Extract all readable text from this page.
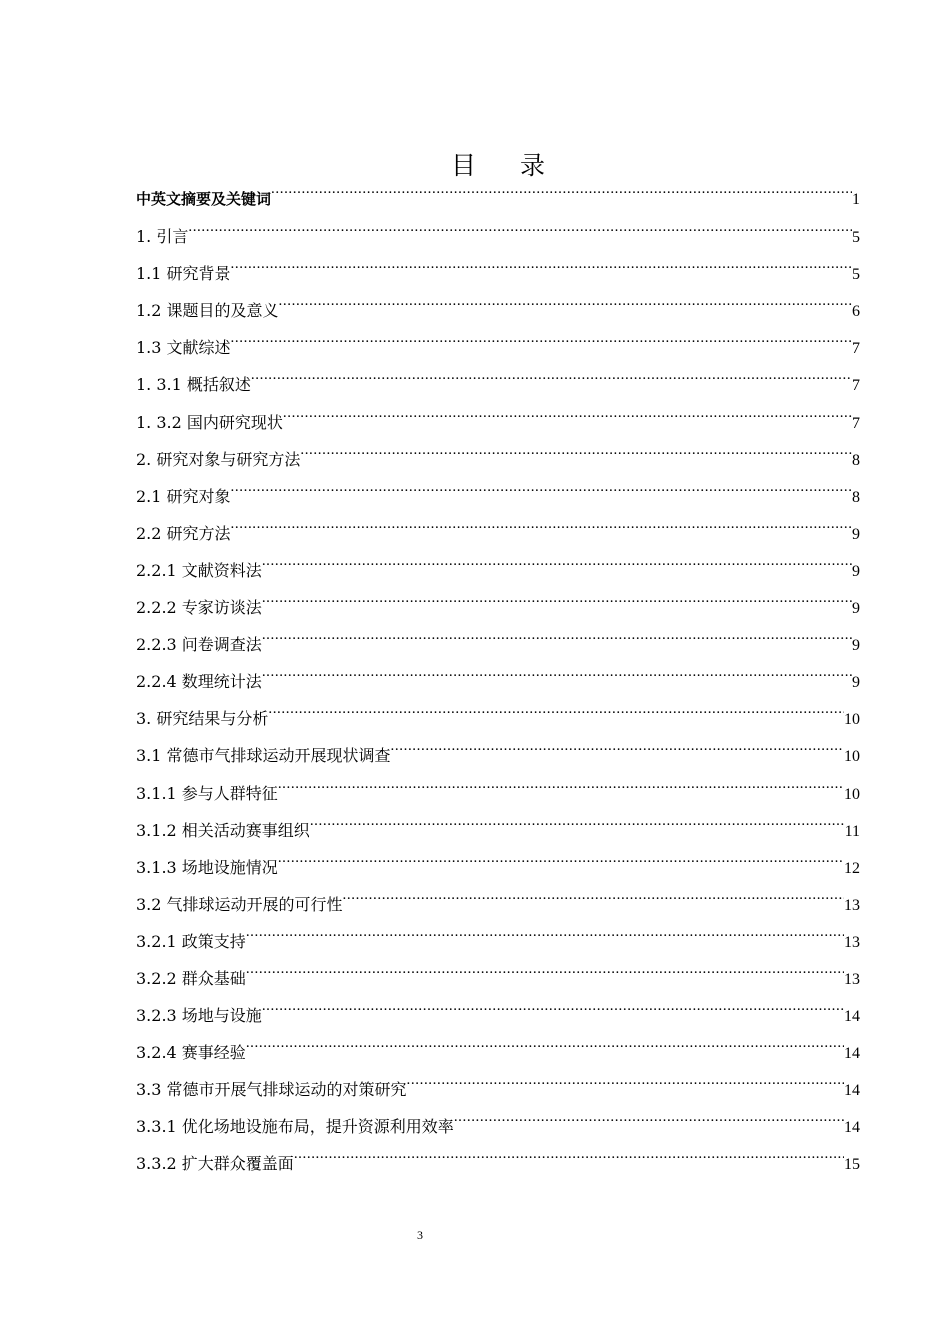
目 录
中英文摘要及关键词 .....	1
1. 引言 .....	5
1.1 研究背景 .....	5
1.2 课题目的及意义 .....	6
1.3 文献综述 .....	7
1. 3.1 概括叙述 .....	7
1. 3.2 国内研究现状 .....	7
2. 研究对象与研究方法 .....	8
2.1 研究对象 .....	8
2.2 研究方法 .....	9
2.2.1 文献资料法 .....	9
2.2.2 专家访谈法 .....	9
2.2.3 问卷调查法 .....	9
2.2.4 数理统计法 .....	9
3. 研究结果与分析 .....	10
3.1 常德市气排球运动开展现状调查 .....	10
3.1.1 参与人群特征 .....	10
3.1.2 相关活动赛事组织 .....	11
3.1.3 场地设施情况 .....	12
3.2 气排球运动开展的可行性 .....	13
3.2.1 政策支持 .....	13
3.2.2 群众基础 .....	13
3.2.3 场地与设施 .....	14
3.2.4 赛事经验 .....	14
3.3 常德市开展气排球运动的对策研究 .....	14
3.3.1 优化场地设施布局，提升资源利用效率 .....	14
3.3.2 扩大群众覆盖面 .....	15
3
